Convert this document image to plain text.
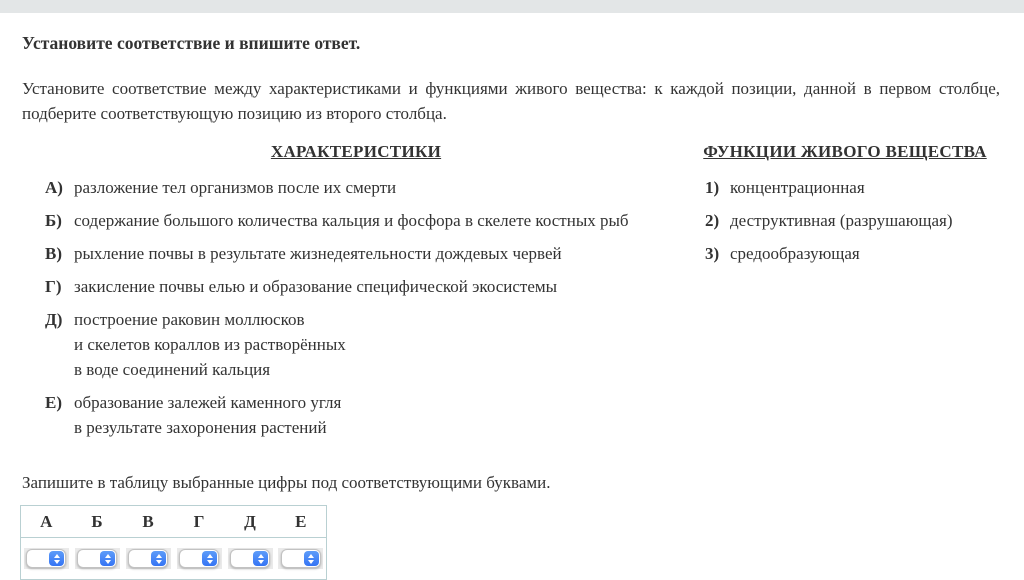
Установите соответствие и впишите ответ.
Установите соответствие между характеристиками и функциями живого вещества: к каждой позиции, данной в первом столбце, подберите соответствующую позицию из второго столбца.
ХАРАКТЕРИСТИКИ
А) разложение тел организмов после их смерти
Б) содержание большого количества кальция и фосфора в скелете костных рыб
В) рыхление почвы в результате жизнедеятельности дождевых червей
Г) закисление почвы елью и образование специфической экосистемы
Д) построение раковин моллюсков
и скелетов кораллов из растворённых
в воде соединений кальция
Е) образование залежей каменного угля
в результате захоронения растений
ФУНКЦИИ ЖИВОГО ВЕЩЕСТВА
1) концентрационная
2) деструктивная (разрушающая)
3) средообразующая
Запишите в таблицу выбранные цифры под соответствующими буквами.
А	Б	В	Г	Д	Е
